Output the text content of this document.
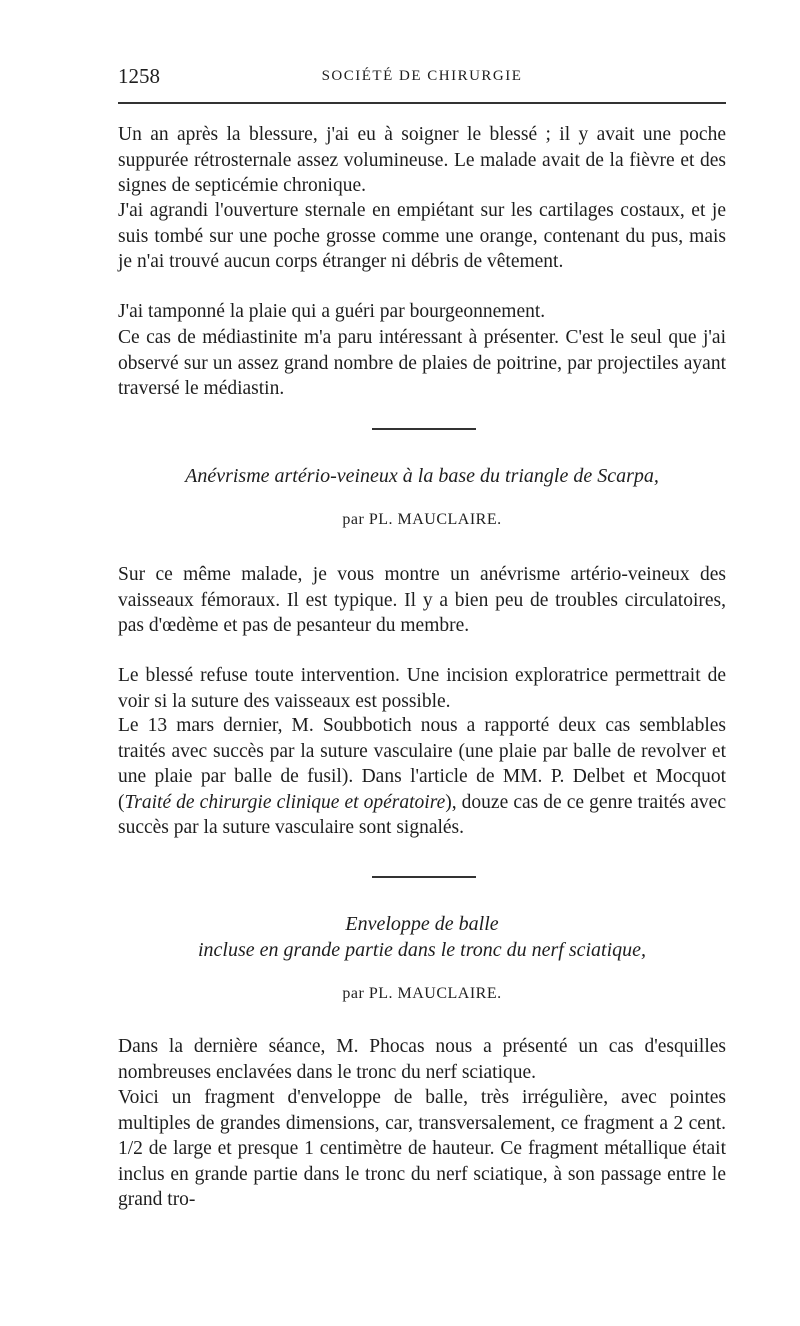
1258	SOCIÉTÉ DE CHIRURGIE

Un an après la blessure, j'ai eu à soigner le blessé ; il y avait une poche suppurée rétrosternale assez volumineuse. Le malade avait de la fièvre et des signes de septicémie chronique.

J'ai agrandi l'ouverture sternale en empiétant sur les cartilages costaux, et je suis tombé sur une poche grosse comme une orange, contenant du pus, mais je n'ai trouvé aucun corps étranger ni débris de vêtement.

J'ai tamponné la plaie qui a guéri par bourgeonnement.

Ce cas de médiastinite m'a paru intéressant à présenter. C'est le seul que j'ai observé sur un assez grand nombre de plaies de poitrine, par projectiles ayant traversé le médiastin.

Anévrisme artério-veineux à la base du triangle de Scarpa,

par PL. MAUCLAIRE.

Sur ce même malade, je vous montre un anévrisme artério-veineux des vaisseaux fémoraux. Il est typique. Il y a bien peu de troubles circulatoires, pas d'œdème et pas de pesanteur du membre.

Le blessé refuse toute intervention. Une incision exploratrice permettrait de voir si la suture des vaisseaux est possible.

Le 13 mars dernier, M. Soubbotich nous a rapporté deux cas semblables traités avec succès par la suture vasculaire (une plaie par balle de revolver et une plaie par balle de fusil). Dans l'article de MM. P. Delbet et Mocquot (Traité de chirurgie clinique et opératoire), douze cas de ce genre traités avec succès par la suture vasculaire sont signalés.

Enveloppe de balle

incluse en grande partie dans le tronc du nerf sciatique,

par PL. MAUCLAIRE.

Dans la dernière séance, M. Phocas nous a présenté un cas d'esquilles nombreuses enclavées dans le tronc du nerf sciatique.

Voici un fragment d'enveloppe de balle, très irrégulière, avec pointes multiples de grandes dimensions, car, transversalement, ce fragment a 2 cent. 1/2 de large et presque 1 centimètre de hauteur. Ce fragment métallique était inclus en grande partie dans le tronc du nerf sciatique, à son passage entre le grand tro-
